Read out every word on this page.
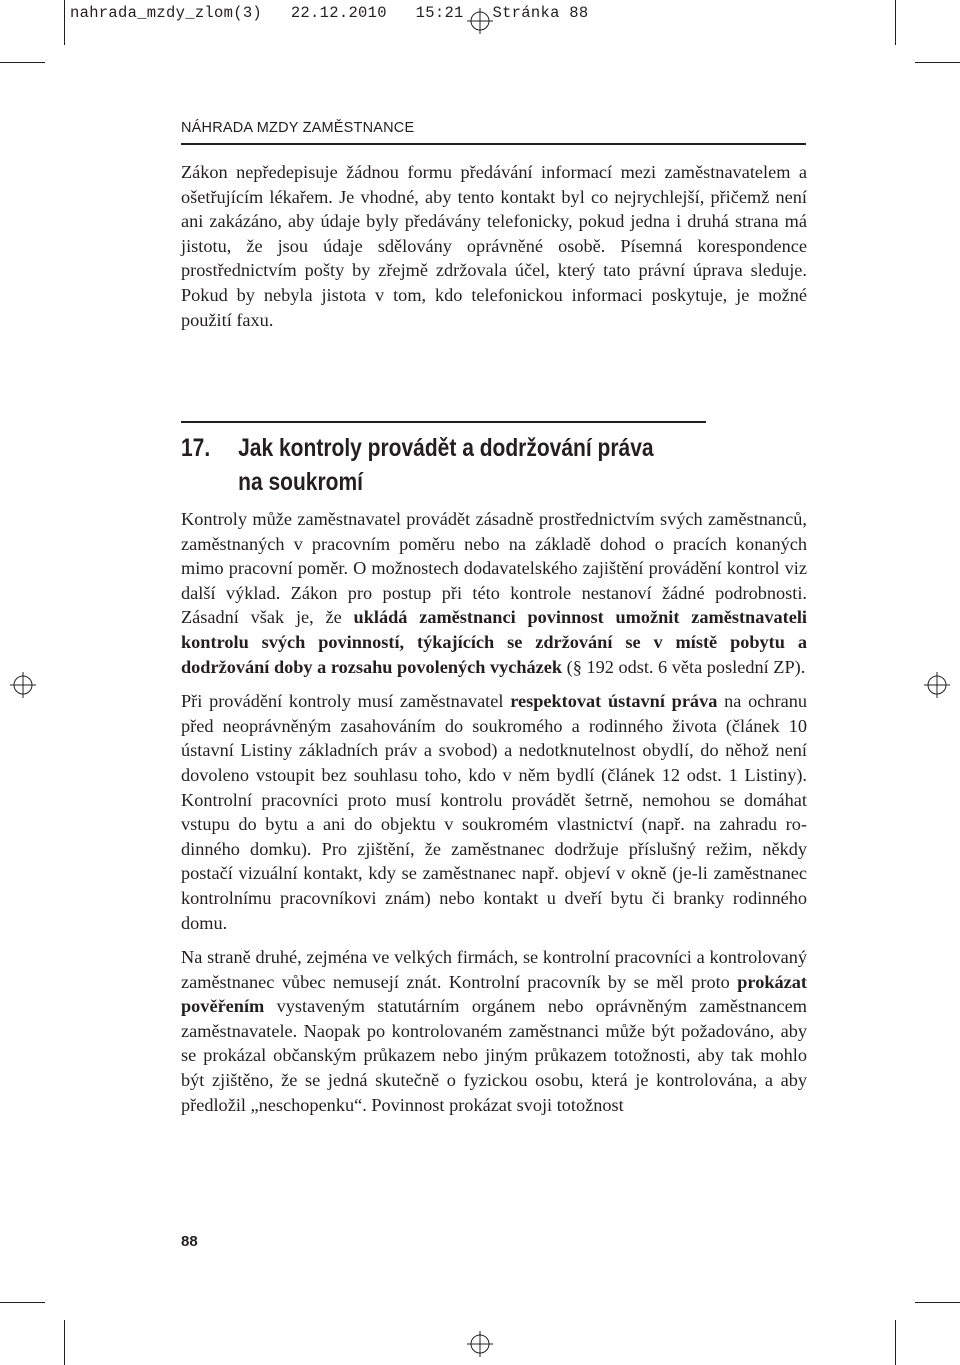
nahrada_mzdy_zlom(3)   22.12.2010   15:21   Stránka 88
NÁHRADA MZDY ZAMĚSTNANCE

Zákon nepředepisuje žádnou formu předávání informací mezi zaměstnavatelem a ošetřujícím lékařem. Je vhodné, aby tento kontakt byl co nejrychlejší, přičemž není ani zakázáno, aby údaje byly předávány telefonicky, pokud jedna i druhá strana má jistotu, že jsou údaje sdělovány oprávněné osobě. Písemná korespondence prostřednictvím pošty by zřejmě zdržovala účel, který tato právní úprava sleduje. Pokud by nebyla jistota v tom, kdo telefonickou informaci poskytuje, je možné použití faxu.

17. Jak kontroly provádět a dodržování práva
na soukromí

Kontroly může zaměstnavatel provádět zásadně prostřednictvím svých zaměstnanců, zaměstnaných v pracovním poměru nebo na základě dohod o pracích konaných mimo pracovní poměr. O možnostech dodavatelského zajištění provádění kontrol viz další výklad. Zákon pro postup při této kontrole nestanoví žádné podrobnosti. Zásadní však je, že ukládá zaměstnanci povinnost umožnit zaměstnavateli kontrolu svých povinností, týkajících se zdržování se v místě pobytu a dodržování doby a rozsahu povolených vycházek (§ 192 odst. 6 věta poslední ZP).

Při provádění kontroly musí zaměstnavatel respektovat ústavní práva na ochranu před neoprávněným zasahováním do soukromého a rodinného života (článek 10 ústavní Listiny základních práv a svobod) a nedotknutelnost obydlí, do něhož není dovoleno vstoupit bez souhlasu toho, kdo v něm bydlí (článek 12 odst. 1 Listiny). Kontrolní pracovníci proto musí kontrolu provádět šetrně, nemohou se domáhat vstupu do bytu a ani do objektu v soukromém vlastnictví (např. na zahradu rodinného domku). Pro zjištění, že zaměstnanec dodržuje příslušný režim, někdy postačí vizuální kontakt, kdy se zaměstnanec např. objeví v okně (je-li zaměstnanec kontrolnímu pracovníkovi znám) nebo kontakt u dveří bytu či branky rodinného domu.

Na straně druhé, zejména ve velkých firmách, se kontrolní pracovníci a kontrolovaný zaměstnanec vůbec nemusejí znát. Kontrolní pracovník by se měl proto prokázat pověřením vystaveným statutárním orgánem nebo oprávněným zaměstnancem zaměstnavatele. Naopak po kontrolovaném zaměstnanci může být požadováno, aby se prokázal občanským průkazem nebo jiným průkazem totožnosti, aby tak mohlo být zjištěno, že se jedná skutečně o fyzickou osobu, která je kontrolována, a aby předložil „neschopenku“. Povinnost prokázat svoji totožnost

88
